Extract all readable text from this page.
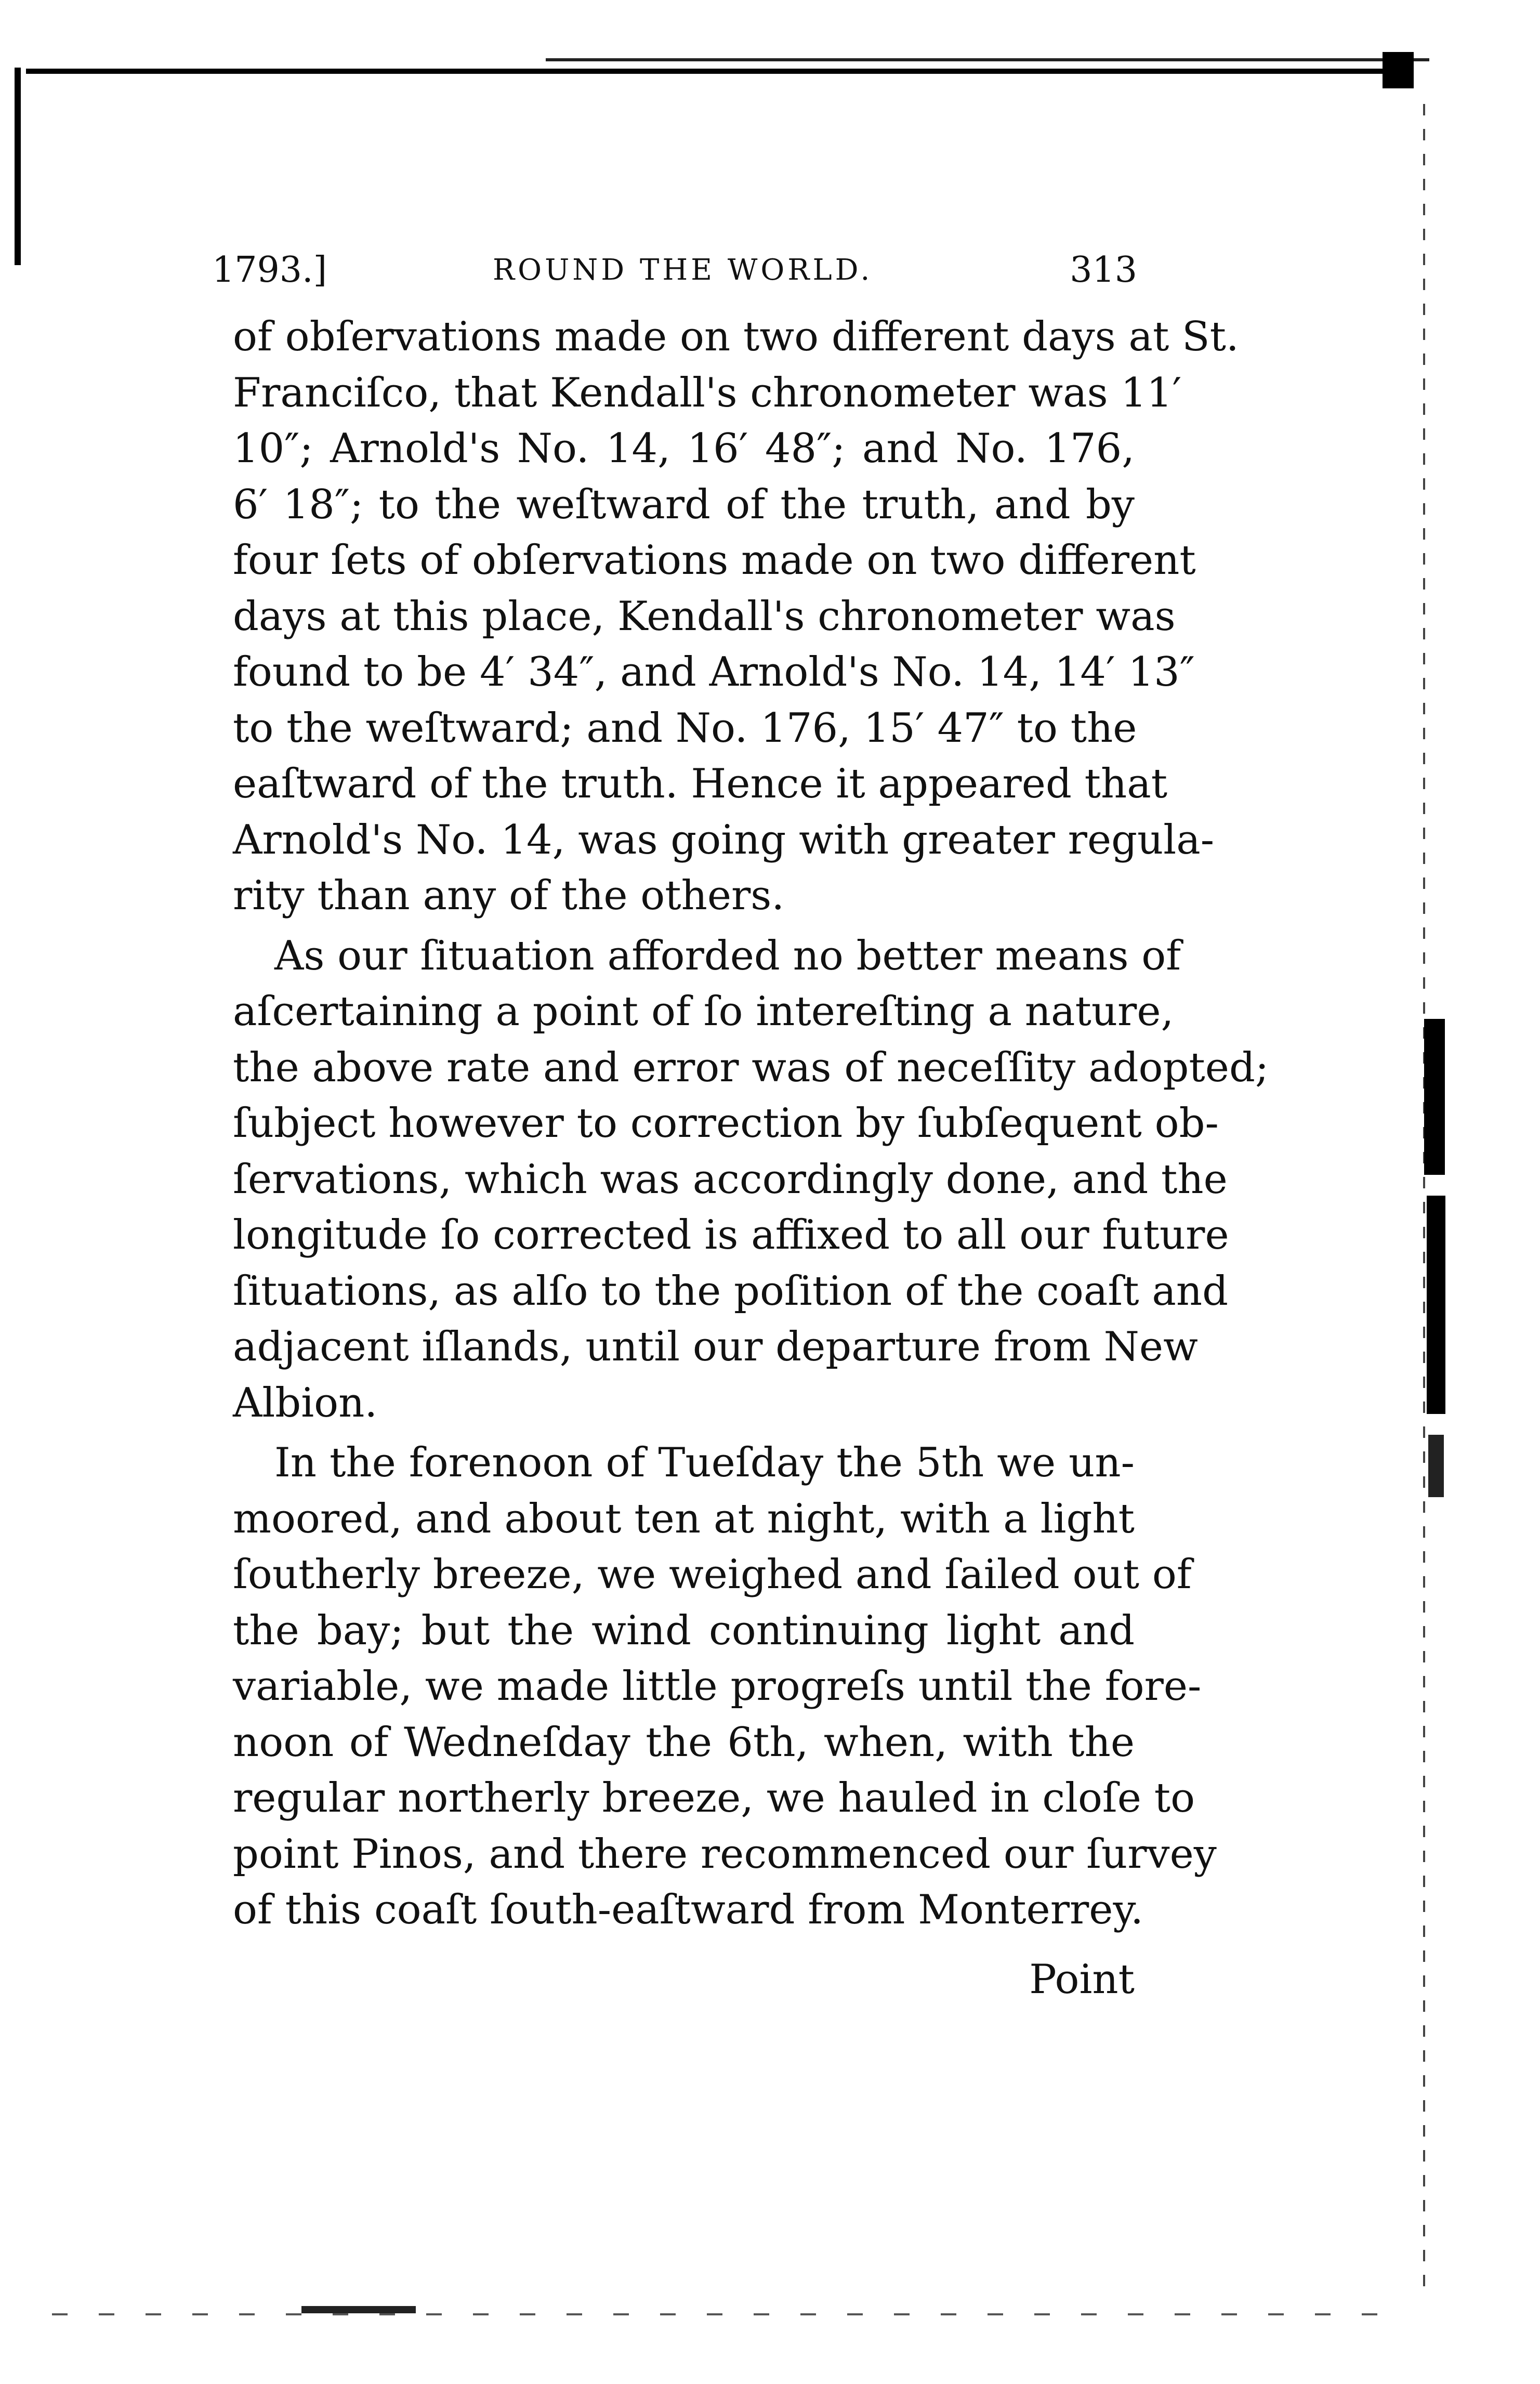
1793.]	ROUND THE WORLD.	313

of obſervations made on two different days at St.
Franciſco, that Kendall's chronometer was 11′
10″; Arnold's No. 14, 16′ 48″; and No. 176,
6′ 18″; to the weſtward of the truth, and by
four ſets of obſervations made on two different
days at this place, Kendall's chronometer was
found to be 4′ 34″, and Arnold's No. 14, 14′ 13″
to the weſtward; and No. 176, 15′ 47″ to the
eaſtward of the truth. Hence it appeared that
Arnold's No. 14, was going with greater regula-
rity than any of the others.

As our ſituation afforded no better means of
aſcertaining a point of ſo intereſting a nature,
the above rate and error was of neceſſity adopted;
ſubject however to correction by ſubſequent ob-
ſervations, which was accordingly done, and the
longitude ſo corrected is affixed to all our future
ſituations, as alſo to the poſition of the coaſt and
adjacent iſlands, until our departure from New
Albion.

In the forenoon of Tueſday the 5th we un-
moored, and about ten at night, with a light
ſoutherly breeze, we weighed and ſailed out of
the bay; but the wind continuing light and
variable, we made little progreſs until the fore-
noon of Wedneſday the 6th, when, with the
regular northerly breeze, we hauled in cloſe to
point Pinos, and there recommenced our ſurvey
of this coaſt ſouth-eaſtward from Monterrey.

Point
